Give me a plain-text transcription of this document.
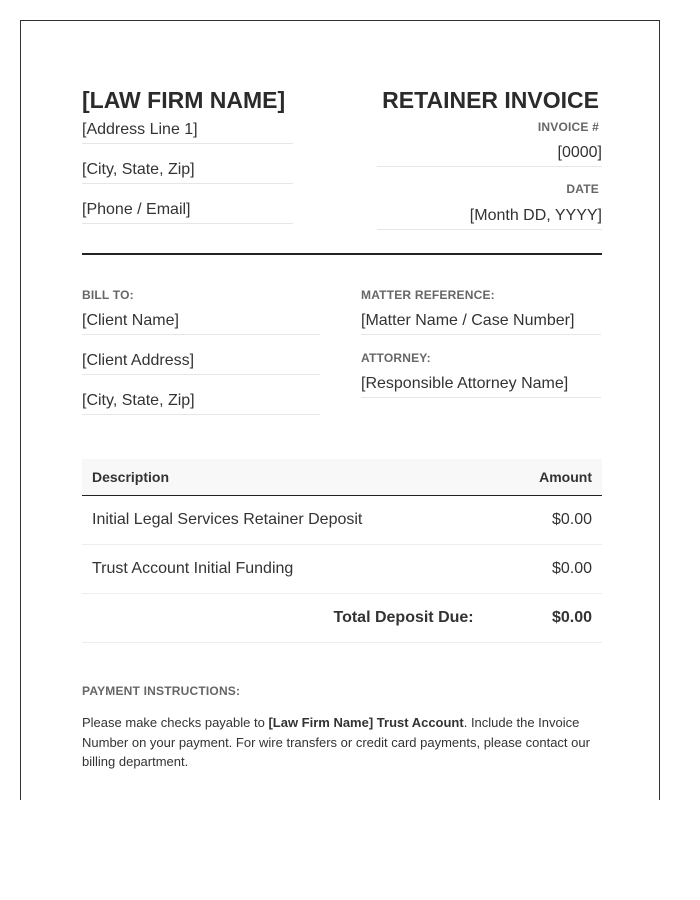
[LAW FIRM NAME]
[Address Line 1]
[City, State, Zip]
[Phone / Email]
RETAINER INVOICE
INVOICE #
[0000]
DATE
[Month DD, YYYY]
BILL TO:
[Client Name]
[Client Address]
[City, State, Zip]
MATTER REFERENCE:
[Matter Name / Case Number]
ATTORNEY:
[Responsible Attorney Name]
Description	Amount
Initial Legal Services Retainer Deposit	$0.00
Trust Account Initial Funding	$0.00
Total Deposit Due:	$0.00
PAYMENT INSTRUCTIONS:

Please make checks payable to [Law Firm Name] Trust Account. Include the Invoice Number on your payment. For wire transfers or credit card payments, please contact our billing department.
